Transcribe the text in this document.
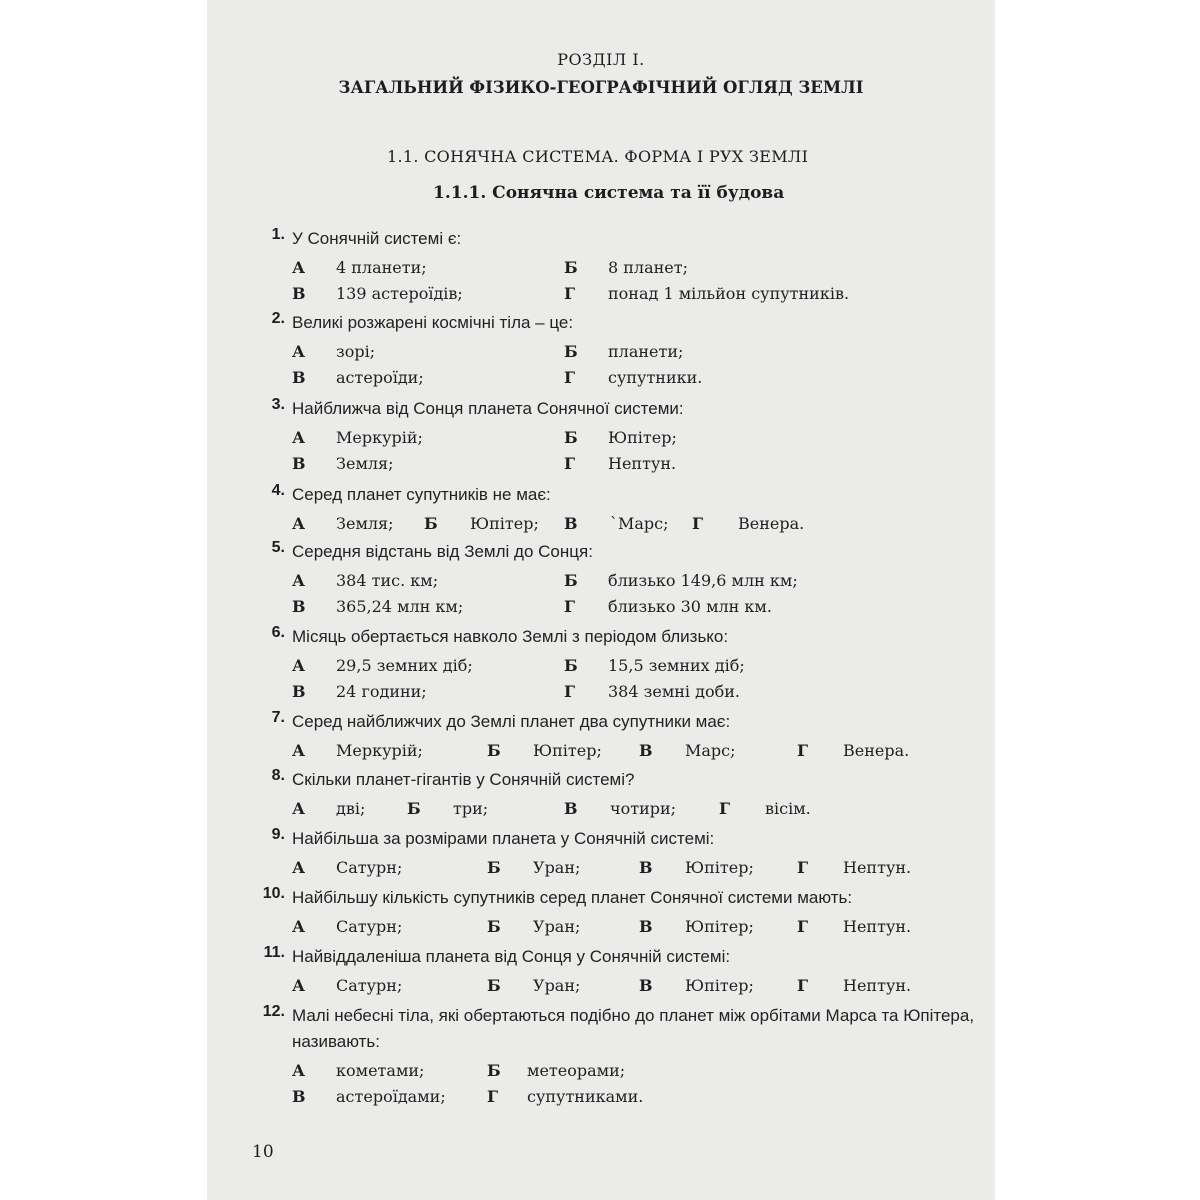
РОЗДІЛ І.
ЗАГАЛЬНИЙ ФІЗИКО-ГЕОГРАФІЧНИЙ ОГЛЯД ЗЕМЛІ
1.1. СОНЯЧНА СИСТЕМА. ФОРМА І РУХ ЗЕМЛІ
1.1.1. Сонячна система та її будова
1. У Сонячній системі є:
А 4 планети;	Б 8 планет;
В 139 астероїдів;	Г понад 1 мільйон супутників.
2. Великі розжарені космічні тіла – це:
А зорі;	Б планети;
В астероїди;	Г супутники.
3. Найближча від Сонця планета Сонячної системи:
А Меркурій;	Б Юпітер;
В Земля;	Г Нептун.
4. Серед планет супутників не має:
А Земля; Б Юпітер; В `Марс; Г Венера.
5. Середня відстань від Землі до Сонця:
А 384 тис. км;	Б близько 149,6 млн км;
В 365,24 млн км;	Г близько 30 млн км.
6. Місяць обертається навколо Землі з періодом близько:
А 29,5 земних діб;	Б 15,5 земних діб;
В 24 години;	Г 384 земні доби.
7. Серед найближчих до Землі планет два супутники має:
А Меркурій;	Б Юпітер; В Марс;	Г Венера.
8. Скільки планет-гігантів у Сонячній системі?
А дві;	Б три;	В чотири;	Г вісім.
9. Найбільша за розмірами планета у Сонячній системі:
А Сатурн;	Б Уран;	В Юпітер;	Г Нептун.
10. Найбільшу кількість супутників серед планет Сонячної системи мають:
А Сатурн;	Б Уран;	В Юпітер;	Г Нептун.
11. Найвіддаленіша планета від Сонця у Сонячній системі:
А Сатурн;	Б Уран;	В Юпітер;	Г Нептун.
12. Малі небесні тіла, які обертаються подібно до планет між орбітами Марса та Юпітера, називають:
А кометами;	Б метеорами;
В астероїдами;	Г супутниками.
10
